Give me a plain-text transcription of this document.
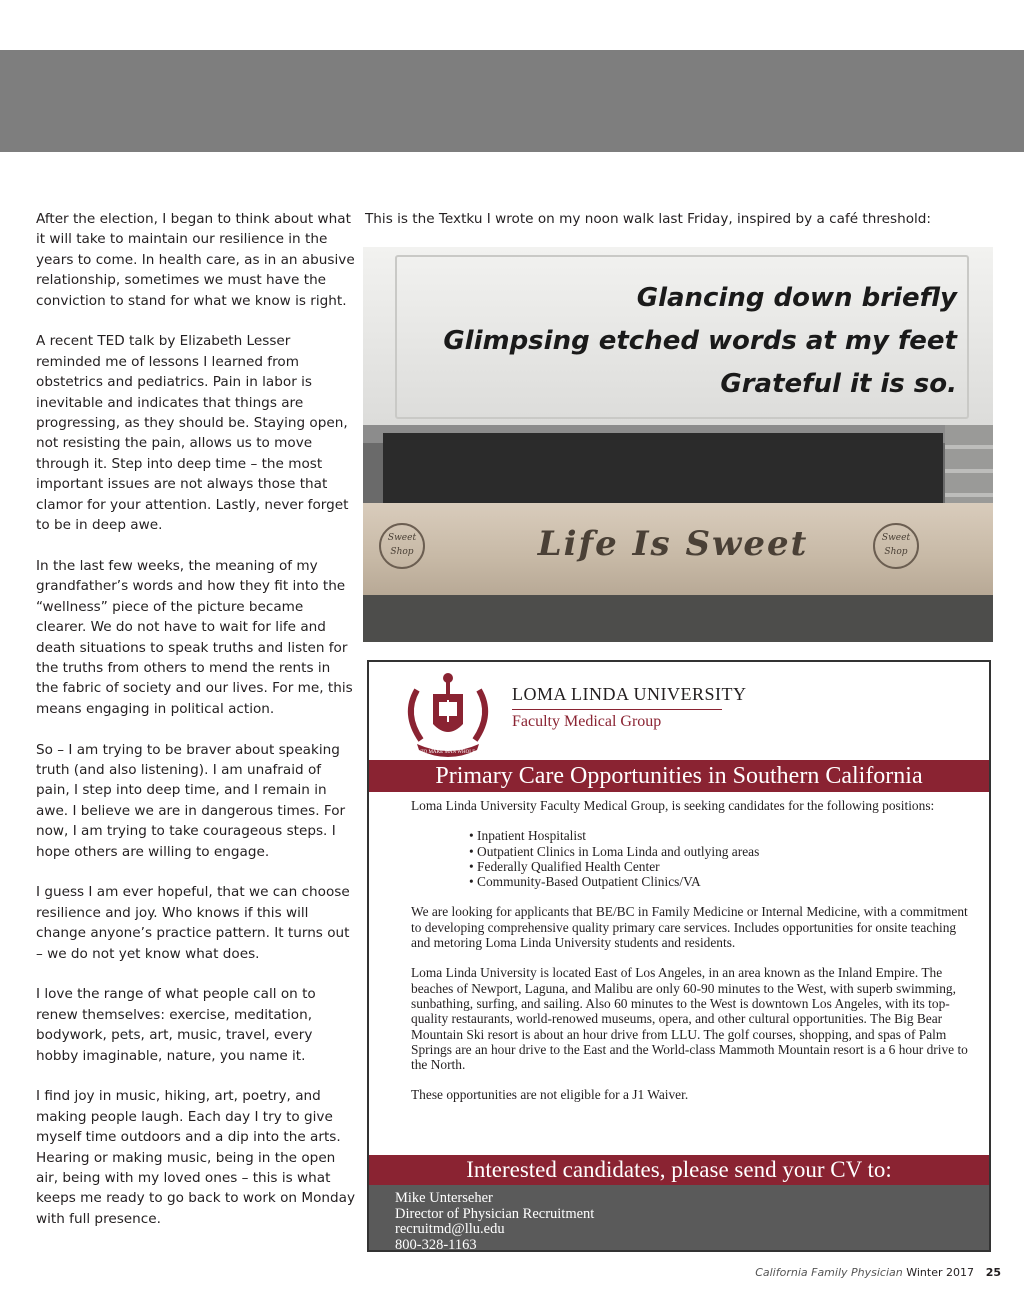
After the election, I began to think about what it will take to maintain our resilience in the years to come. In health care, as in an abusive relationship, sometimes we must have the conviction to stand for what we know is right.

A recent TED talk by Elizabeth Lesser reminded me of lessons I learned from obstetrics and pediatrics. Pain in labor is inevitable and indicates that things are progressing, as they should be. Staying open, not resisting the pain, allows us to move through it. Step into deep time – the most important issues are not always those that clamor for your attention. Lastly, never forget to be in deep awe.

In the last few weeks, the meaning of my grandfather’s words and how they fit into the “wellness” piece of the picture became clearer. We do not have to wait for life and death situations to speak truths and listen for the truths from others to mend the rents in the fabric of society and our lives. For me, this means engaging in political action.

So – I am trying to be braver about speaking truth (and also listening). I am unafraid of pain, I step into deep time, and I remain in awe. I believe we are in dangerous times. For now, I am trying to take courageous steps. I hope others are willing to engage.

I guess I am ever hopeful, that we can choose resilience and joy. Who knows if this will change anyone’s practice pattern. It turns out – we do not yet know what does.

I love the range of what people call on to renew themselves: exercise, meditation, bodywork, pets, art, music, travel, every hobby imaginable, nature, you name it.

I find joy in music, hiking, art, poetry, and making people laugh. Each day I try to give myself time outdoors and a dip into the arts. Hearing or making music, being in the open air, being with my loved ones – this is what keeps me ready to go back to work on Monday with full presence.

This is the Textku I wrote on my noon walk last Friday, inspired by a café threshold:
Glancing down briefly
Glimpsing etched words at my feet
Grateful it is so.
Sweet Shop	Life Is Sweet	Sweet Shop
TO MAKE MAN WHOLE
LOMA LINDA UNIVERSITY
Faculty Medical Group
Primary Care Opportunities in Southern California

Loma Linda University Faculty Medical Group, is seeking candidates for the following positions:

• Inpatient Hospitalist
• Outpatient Clinics in Loma Linda and outlying areas
• Federally Qualified Health Center
• Community-Based Outpatient Clinics/VA

We are looking for applicants that BE/BC in Family Medicine or Internal Medicine, with a commitment to developing comprehensive quality primary care services. Includes opportunities for onsite teaching and metoring Loma Linda University students and residents.

Loma Linda University is located East of Los Angeles, in an area known as the Inland Empire. The beaches of Newport, Laguna, and Malibu are only 60-90 minutes to the West, with superb swimming, sunbathing, surfing, and sailing. Also 60 minutes to the West is downtown Los Angeles, with its top-quality restaurants, world-renowed museums, opera, and other cultural opportunities. The Big Bear Mountain Ski resort is about an hour drive from LLU. The golf courses, shopping, and spas of Palm Springs are an hour drive to the East and the World-class Mammoth Mountain resort is a 6 hour drive to the North.

These opportunities are not eligible for a J1 Waiver.

Interested candidates, please send your CV to:
Mike Unterseher
Director of Physician Recruitment
recruitmd@llu.edu
800-328-1163
California Family Physician Winter 2017 25
